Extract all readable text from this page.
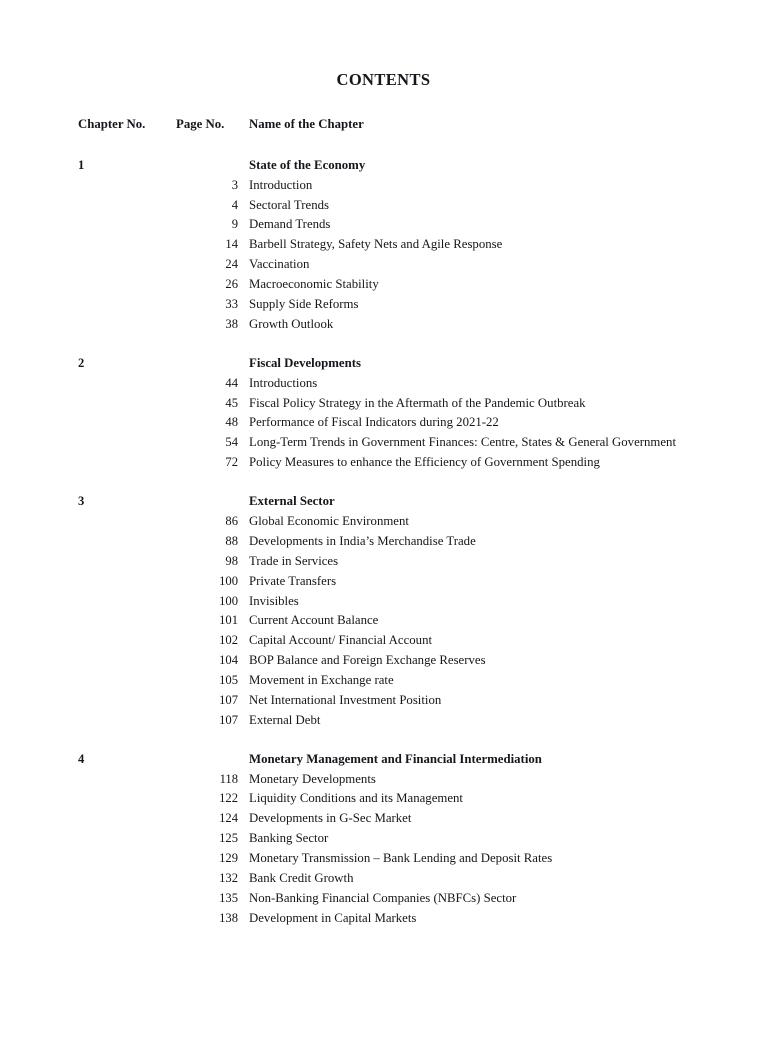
CONTENTS
Chapter No.	Page No.	Name of the Chapter
1	State of the Economy
3 Introduction
4 Sectoral Trends
9 Demand Trends
14 Barbell Strategy, Safety Nets and Agile Response
24 Vaccination
26 Macroeconomic Stability
33 Supply Side Reforms
38 Growth Outlook
2	Fiscal Developments
44 Introductions
45 Fiscal Policy Strategy in the Aftermath of the Pandemic Outbreak
48 Performance of Fiscal Indicators during 2021-22
54 Long-Term Trends in Government Finances: Centre, States & General Government
72 Policy Measures to enhance the Efficiency of Government Spending
3	External Sector
86 Global Economic Environment
88 Developments in India’s Merchandise Trade
98 Trade in Services
100 Private Transfers
100 Invisibles
101 Current Account Balance
102 Capital Account/ Financial Account
104 BOP Balance and Foreign Exchange Reserves
105 Movement in Exchange rate
107 Net International Investment Position
107 External Debt
4	Monetary Management and Financial Intermediation
118 Monetary Developments
122 Liquidity Conditions and its Management
124 Developments in G-Sec Market
125 Banking Sector
129 Monetary Transmission – Bank Lending and Deposit Rates
132 Bank Credit Growth
135 Non-Banking Financial Companies (NBFCs) Sector
138 Development in Capital Markets
